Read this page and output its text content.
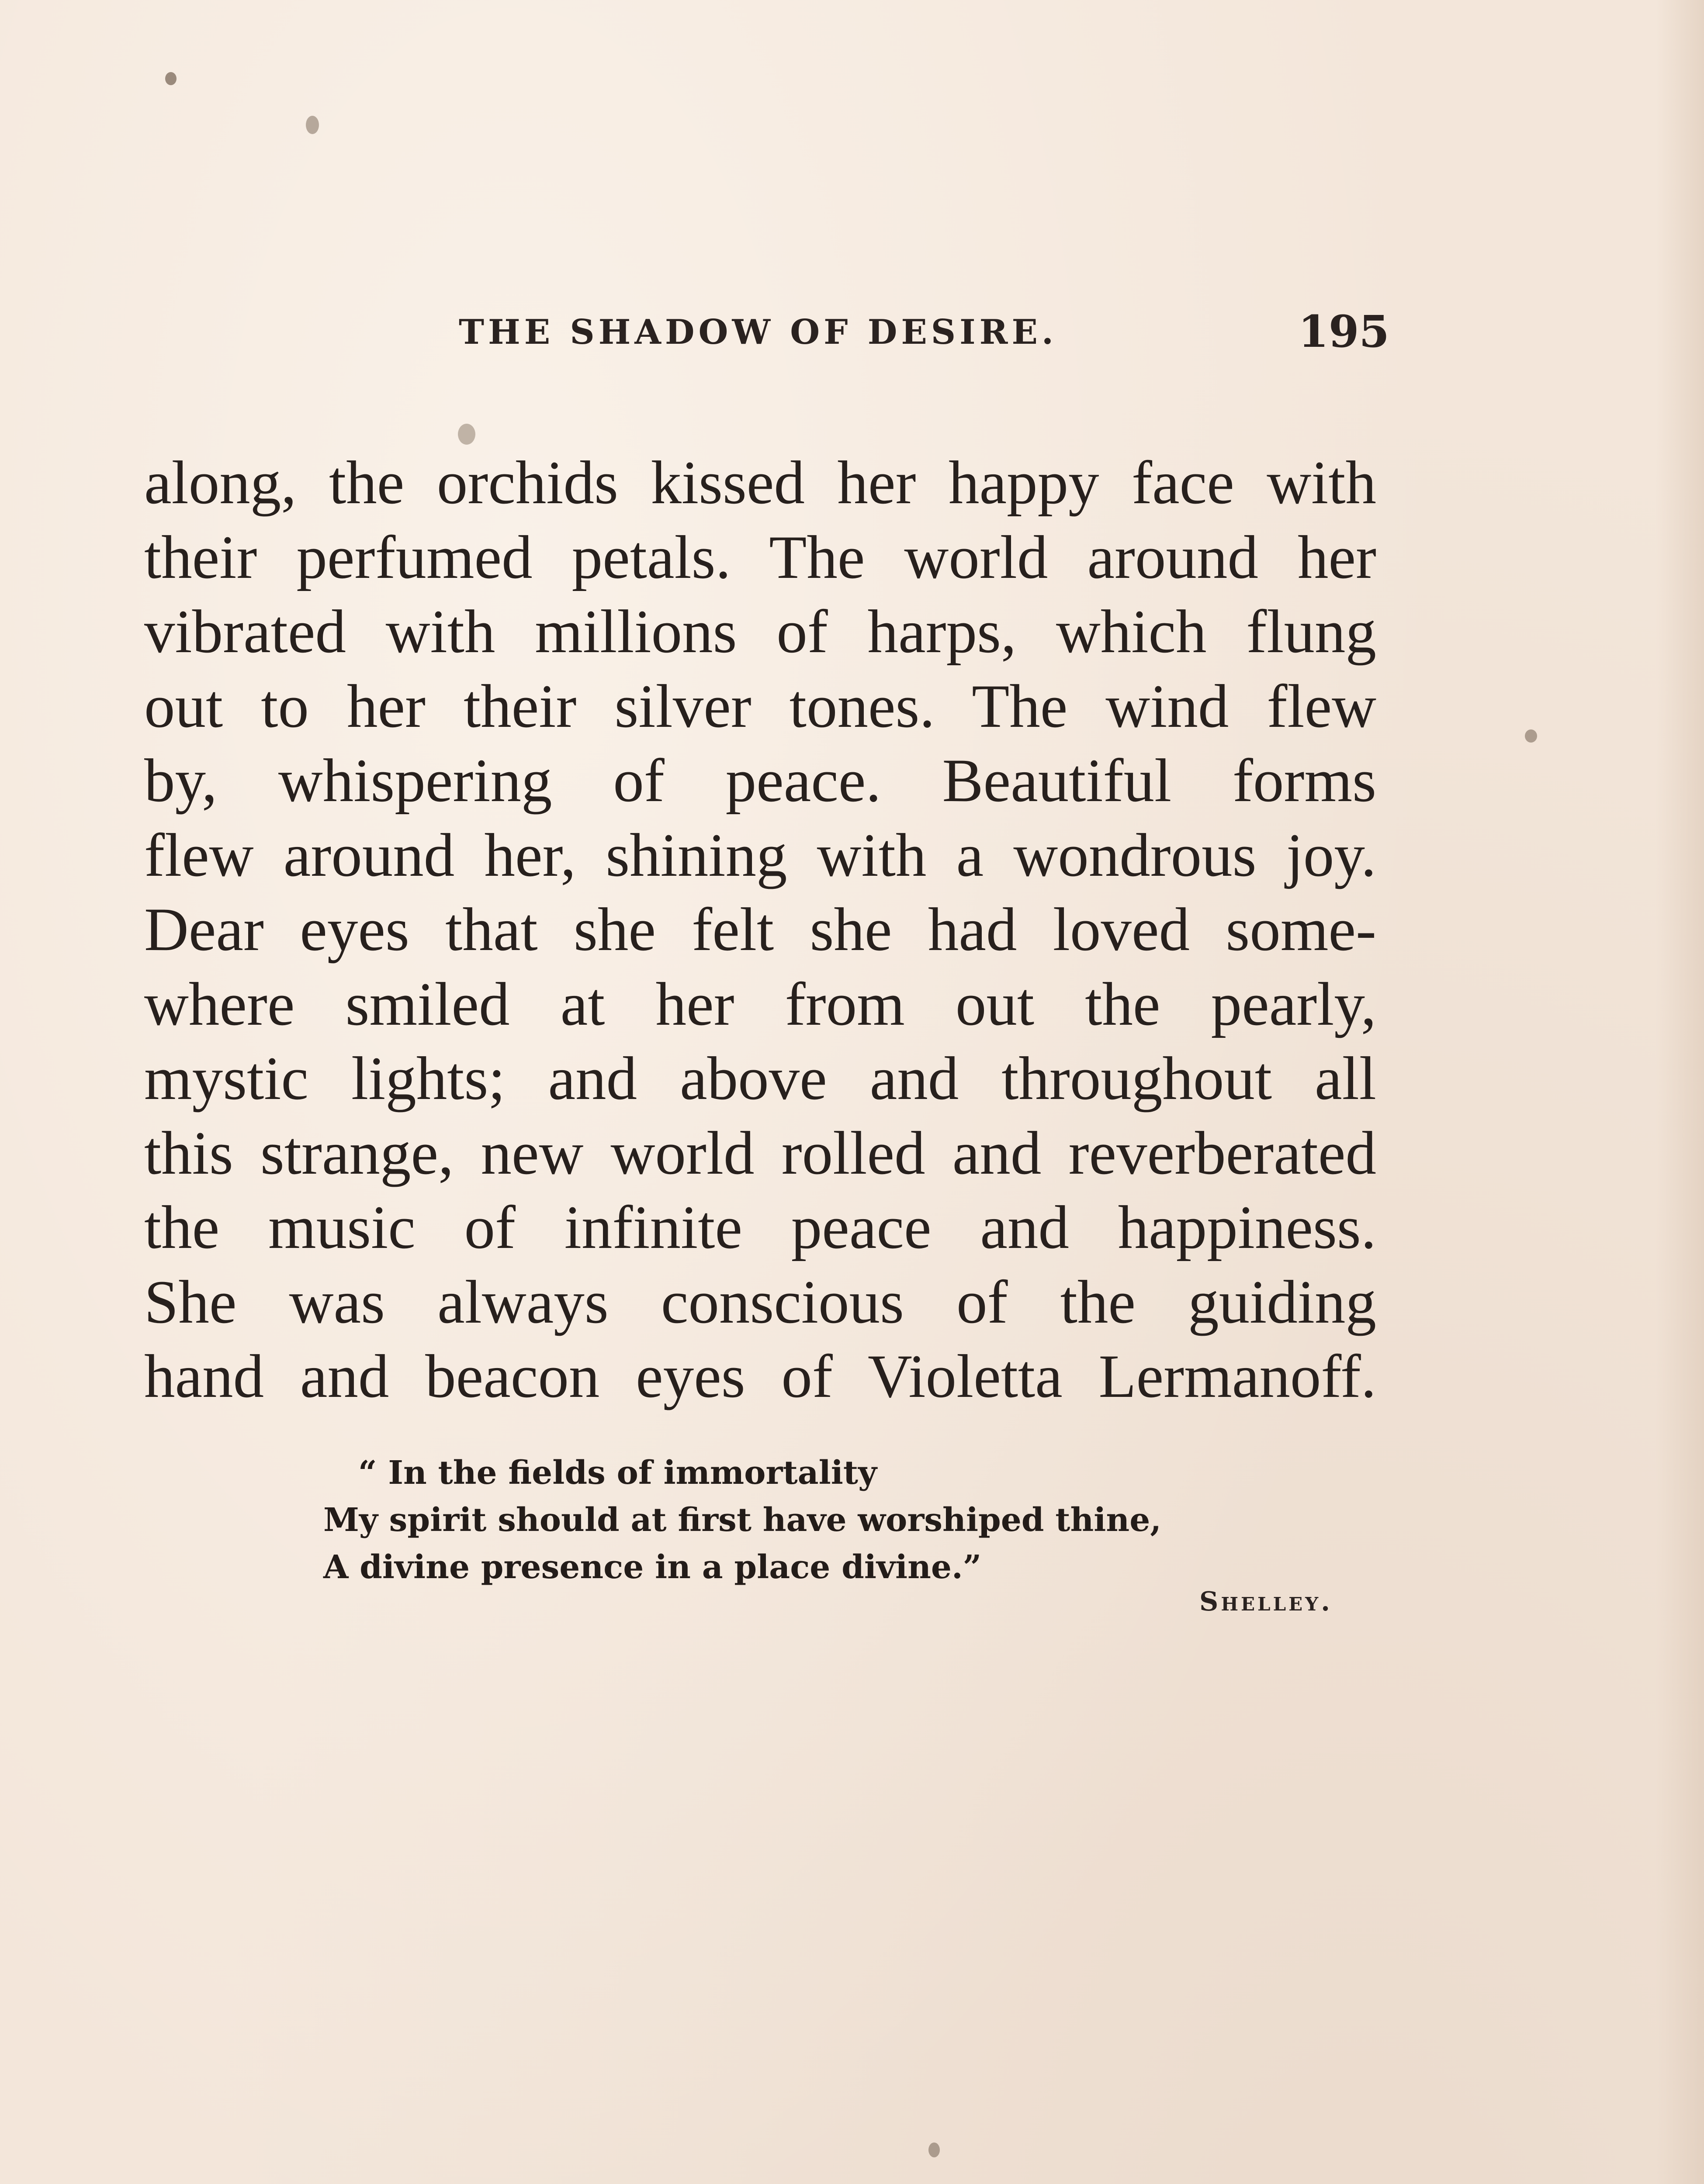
THE SHADOW OF DESIRE.	195
along, the orchids kissed her happy face with
their perfumed petals. The world around her
vibrated with millions of harps, which flung
out to her their silver tones. The wind flew
by, whispering of peace. Beautiful forms
flew around her, shining with a wondrous joy.
Dear eyes that she felt she had loved some-
where smiled at her from out the pearly,
mystic lights; and above and throughout all
this strange, new world rolled and reverberated
the music of infinite peace and happiness.
She was always conscious of the guiding
hand and beacon eyes of Violetta Lermanoff.
“ In the fields of immortality
My spirit should at first have worshiped thine,
A divine presence in a place divine.”
Shelley.
